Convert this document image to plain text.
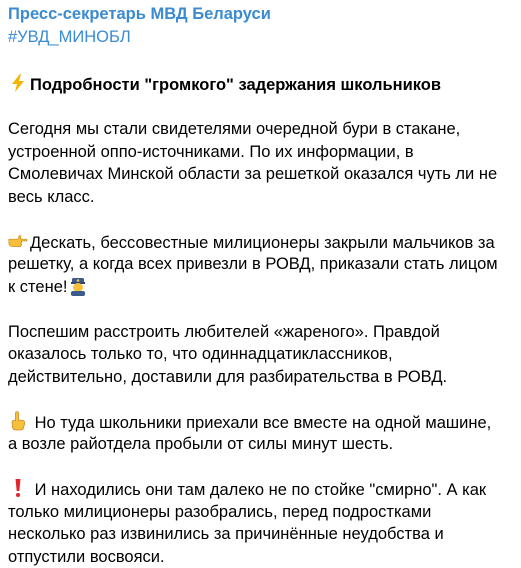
Пресс-секретарь МВД Беларуси
#УВД_МИНОБЛ
Подробности "громкого" задержания школьников
Сегодня мы стали свидетелями очередной бури в стакане,
устроенной оппо-источниками. По их информации, в
Смолевичах Минской области за решеткой оказался чуть ли не
весь класс.
Дескать, бессовестные милиционеры закрыли мальчиков за
решетку, а когда всех привезли в РОВД, приказали стать лицом
к стене!
Поспешим расстроить любителей «жареного». Правдой
оказалось только то, что одиннадцатиклассников,
действительно, доставили для разбирательства в РОВД.
Но туда школьники приехали все вместе на одной машине,
а возле райотдела пробыли от силы минут шесть.
И находились они там далеко не по стойке "смирно". А как
только милиционеры разобрались, перед подростками
несколько раз извинились за причинённые неудобства и
отпустили восвояси.
